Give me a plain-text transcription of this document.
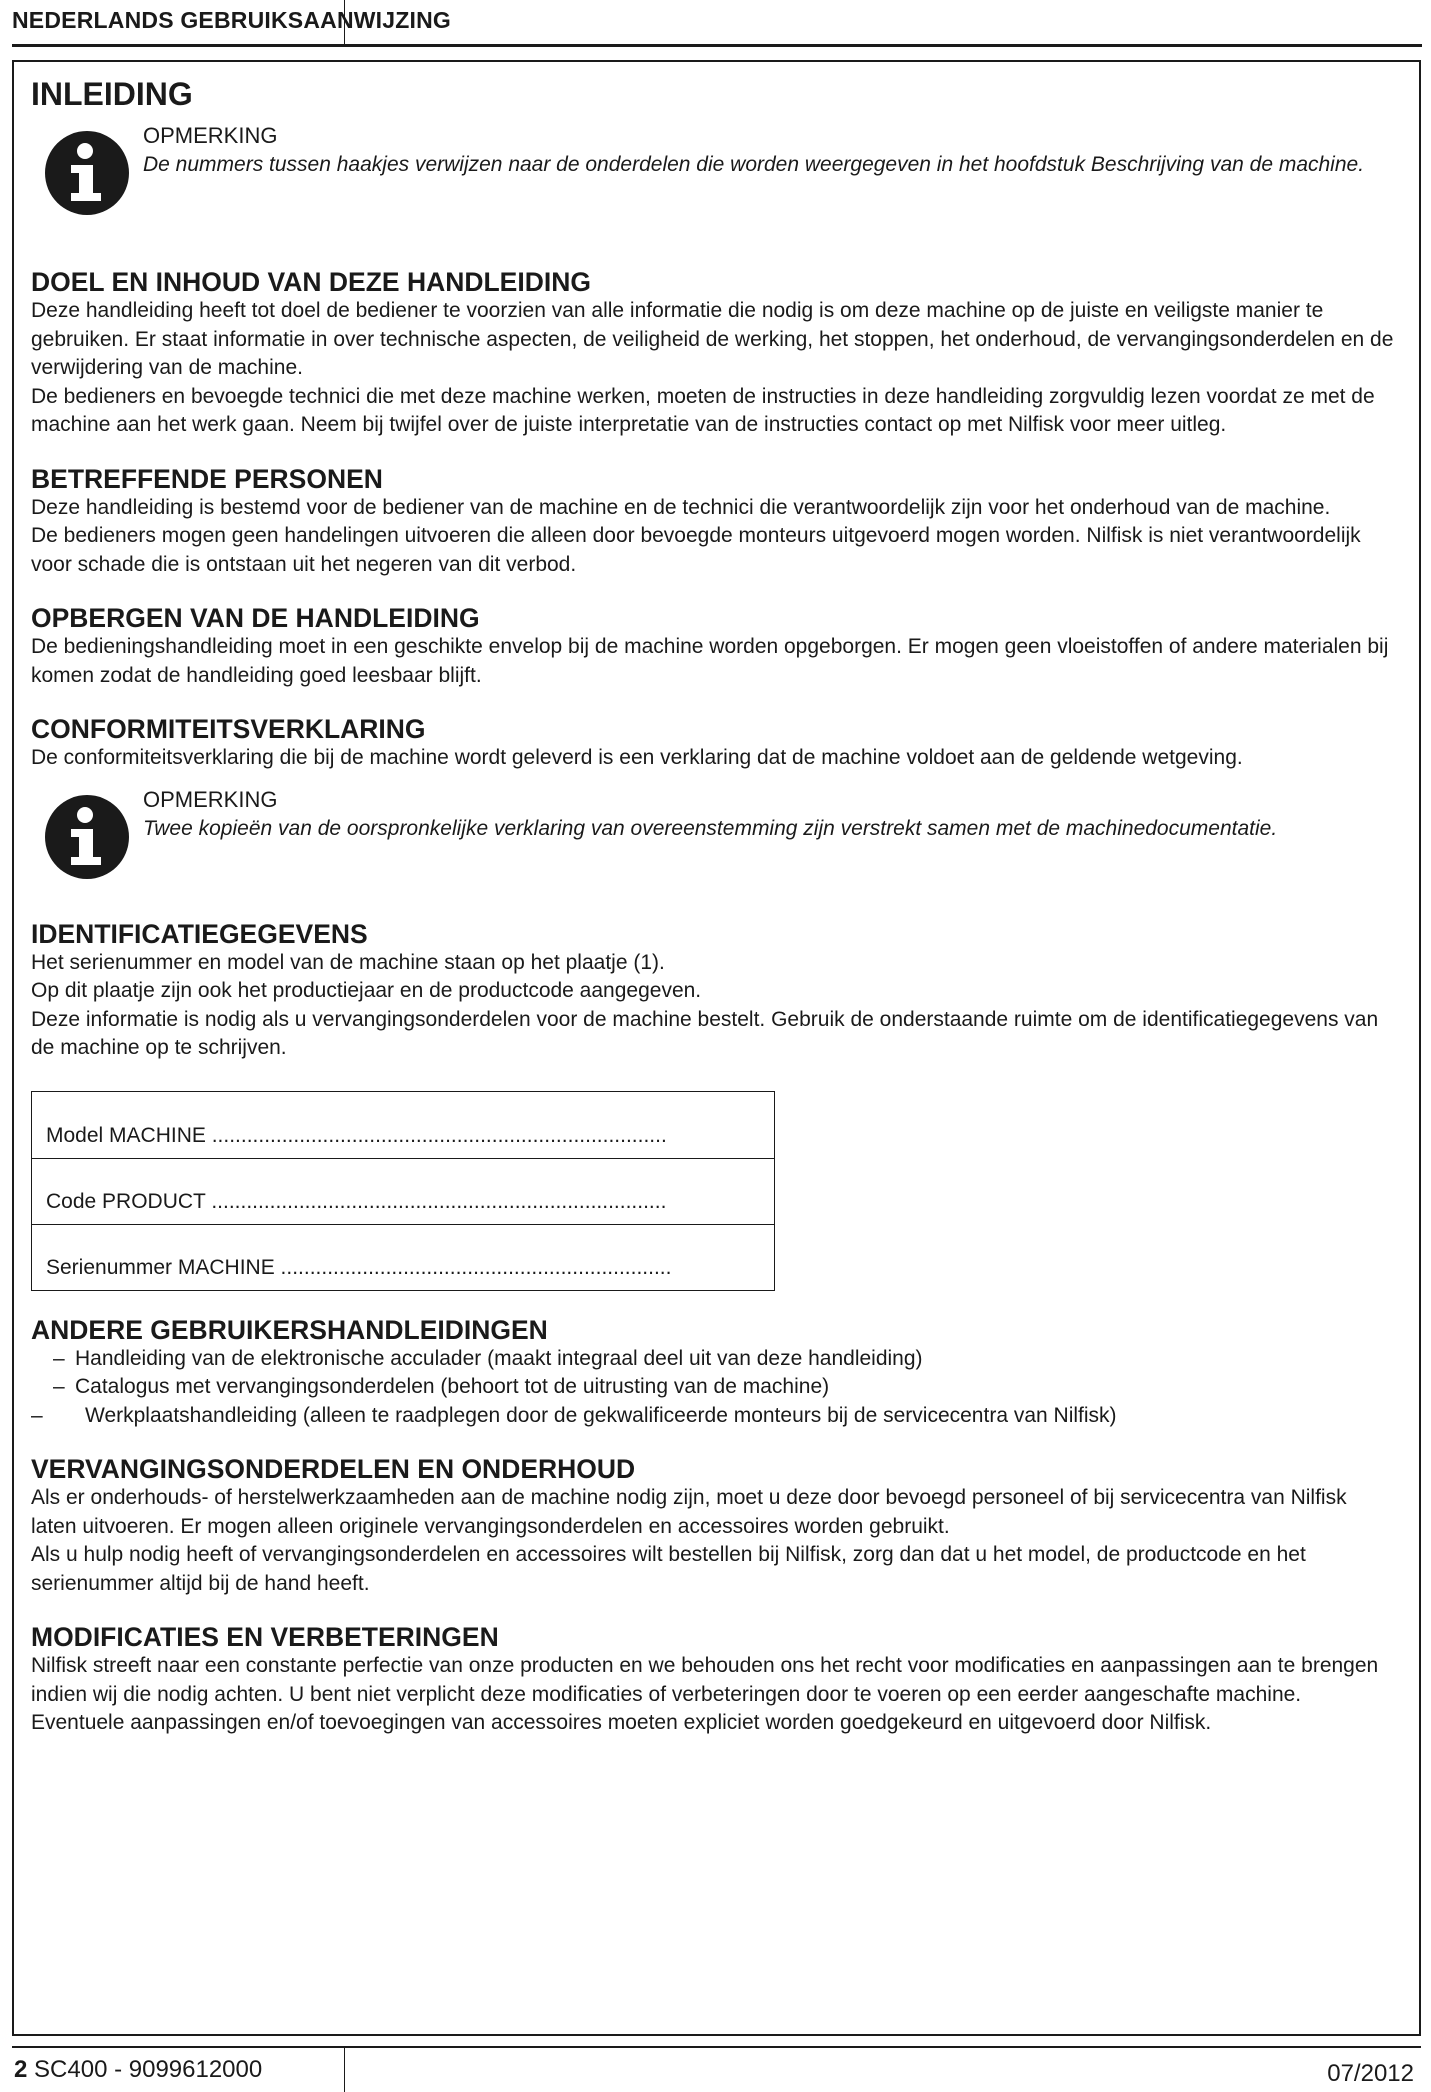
NEDERLANDS GEBRUIKSAANWIJZING
INLEIDING
OPMERKING
De nummers tussen haakjes verwijzen naar de onderdelen die worden weergegeven in het hoofdstuk Beschrijving van de machine.
DOEL EN INHOUD VAN DEZE HANDLEIDING

Deze handleiding heeft tot doel de bediener te voorzien van alle informatie die nodig is om deze machine op de juiste en veiligste manier te gebruiken. Er staat informatie in over technische aspecten, de veiligheid de werking, het stoppen, het onderhoud, de vervangingsonderdelen en de verwijdering van de machine.

De bedieners en bevoegde technici die met deze machine werken, moeten de instructies in deze handleiding zorgvuldig lezen voordat ze met de machine aan het werk gaan. Neem bij twijfel over de juiste interpretatie van de instructies contact op met Nilfisk voor meer uitleg.

BETREFFENDE PERSONEN

Deze handleiding is bestemd voor de bediener van de machine en de technici die verantwoordelijk zijn voor het onderhoud van de machine.

De bedieners mogen geen handelingen uitvoeren die alleen door bevoegde monteurs uitgevoerd mogen worden. Nilfisk is niet verantwoordelijk voor schade die is ontstaan uit het negeren van dit verbod.

OPBERGEN VAN DE HANDLEIDING

De bedieningshandleiding moet in een geschikte envelop bij de machine worden opgeborgen. Er mogen geen vloeistoffen of andere materialen bij komen zodat de handleiding goed leesbaar blijft.

CONFORMITEITSVERKLARING

De conformiteitsverklaring die bij de machine wordt geleverd is een verklaring dat de machine voldoet aan de geldende wetgeving.

OPMERKING
Twee kopieën van de oorspronkelijke verklaring van overeenstemming zijn verstrekt samen met de machinedocumentatie.
IDENTIFICATIEGEGEVENS

Het serienummer en model van de machine staan op het plaatje (1).

Op dit plaatje zijn ook het productiejaar en de productcode aangegeven.

Deze informatie is nodig als u vervangingsonderdelen voor de machine bestelt. Gebruik de onderstaande ruimte om de identificatiegegevens van de machine op te schrijven.

Model MACHINE ..............................................................................
Code PRODUCT ..............................................................................
Serienummer MACHINE ...................................................................
ANDERE GEBRUIKERSHANDLEIDINGEN
– Handleiding van de elektronische acculader (maakt integraal deel uit van deze handleiding)
– Catalogus met vervangingsonderdelen (behoort tot de uitrusting van de machine)
– Werkplaatshandleiding (alleen te raadplegen door de gekwalificeerde monteurs bij de servicecentra van Nilfisk)
VERVANGINGSONDERDELEN EN ONDERHOUD

Als er onderhouds- of herstelwerkzaamheden aan de machine nodig zijn, moet u deze door bevoegd personeel of bij servicecentra van Nilfisk laten uitvoeren. Er mogen alleen originele vervangingsonderdelen en accessoires worden gebruikt.

Als u hulp nodig heeft of vervangingsonderdelen en accessoires wilt bestellen bij Nilfisk, zorg dan dat u het model, de productcode en het serienummer altijd bij de hand heeft.

MODIFICATIES EN VERBETERINGEN

Nilfisk streeft naar een constante perfectie van onze producten en we behouden ons het recht voor modificaties en aanpassingen aan te brengen indien wij die nodig achten. U bent niet verplicht deze modificaties of verbeteringen door te voeren op een eerder aangeschafte machine.

Eventuele aanpassingen en/of toevoegingen van accessoires moeten expliciet worden goedgekeurd en uitgevoerd door Nilfisk.

2 SC400 - 9099612000	07/2012
